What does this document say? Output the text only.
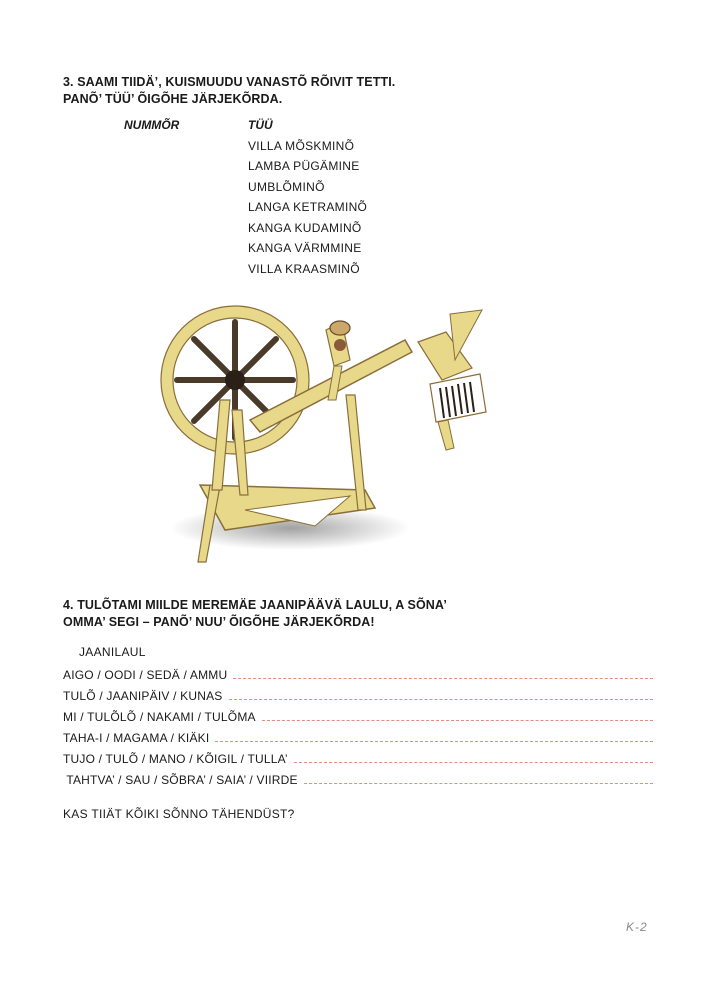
3. SAAMI TIIDÄ’, KUISMUUDU VANASTÕ RÕIVIT TETTI.
PANÕ’ TÜÜ’ ÕIGÕHE JÄRJEKÕRDA.
NUMMÕR	TÜÜ
VILLA MÕSKMINÕ
LAMBA PÜGÄMINE
UMBLÕMINÕ
LANGA KETRAMINÕ
KANGA KUDAMINÕ
KANGA VÄRMMINE
VILLA KRAASMINÕ
4. TULÕTAMI MIILDE MEREMÄE JAANIPÄÄVÄ LAULU, A SÕNA’
OMMA’ SEGI – PANÕ’ NUU’ ÕIGÕHE JÄRJEKÕRDA!
JAANILAUL
AIGO / OODI / SEDÄ / AMMU
TULÕ / JAANIPÄIV / KUNAS
MI / TULÕLÕ / NAKAMI / TULÕMA
TAHA-I / MAGAMA / KIÄKI
TUJO / TULÕ / MANO / KÕIGIL / TULLA’
TAHTVA’ / SAU / SÕBRA’ / SAIA’ / VIIRDE
KAS TIIÄT KÕIKI SÕNNO TÄHENDÜST?
K-2
